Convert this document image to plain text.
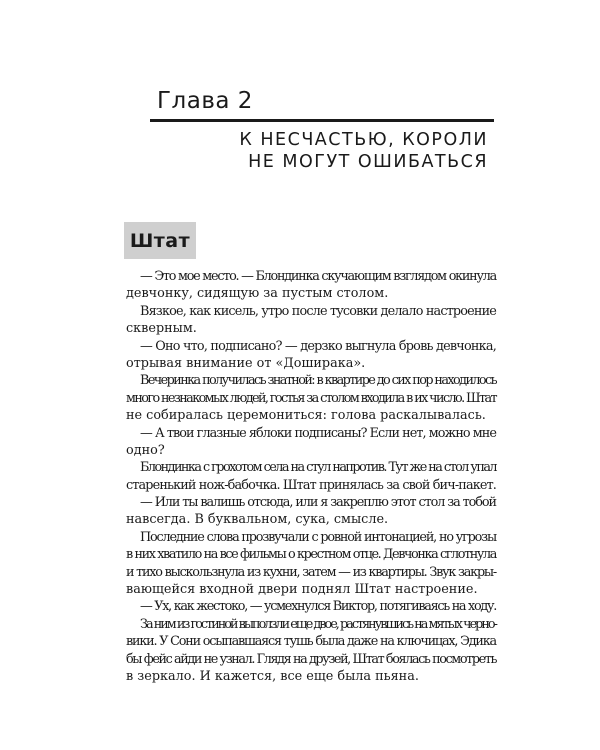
Глава 2
К НЕСЧАСТЬЮ, КОРОЛИ
НЕ МОГУТ ОШИБАТЬСЯ
Штат
— Это мое место. — Блондинка скучающим взглядом окинула
девчонку, сидящую за пустым столом.
Вязкое, как кисель, утро после тусовки делало настроение
скверным.
— Оно что, подписано? — дерзко выгнула бровь девчонка,
отрывая внимание от «Доширака».
Вечеринка получилась знатной: в квартире до сих пор находилось
много незнакомых людей, гостья за столом входила в их число. Штат
не собиралась церемониться: голова раскалывалась.
— А твои глазные яблоки подписаны? Если нет, можно мне
одно?
Блондинка с грохотом села на стул напротив. Тут же на стол упал
старенький нож-бабочка. Штат принялась за свой бич-пакет.
— Или ты валишь отсюда, или я закреплю этот стол за тобой
навсегда. В буквальном, сука, смысле.
Последние слова прозвучали с ровной интонацией, но угрозы
в них хватило на все фильмы о крестном отце. Девчонка сглотнула
и тихо выскользнула из кухни, затем — из квартиры. Звук закры-
вающейся входной двери поднял Штат настроение.
— Ух, как жестоко, — усмехнулся Виктор, потягиваясь на ходу.
За ним из гостиной выползли еще двое, растянувшись на мятых черно-
вики. У Сони осыпавшаяся тушь была даже на ключицах, Эдика
бы фейс айди не узнал. Глядя на друзей, Штат боялась посмотреть
в зеркало. И кажется, все еще была пьяна.
